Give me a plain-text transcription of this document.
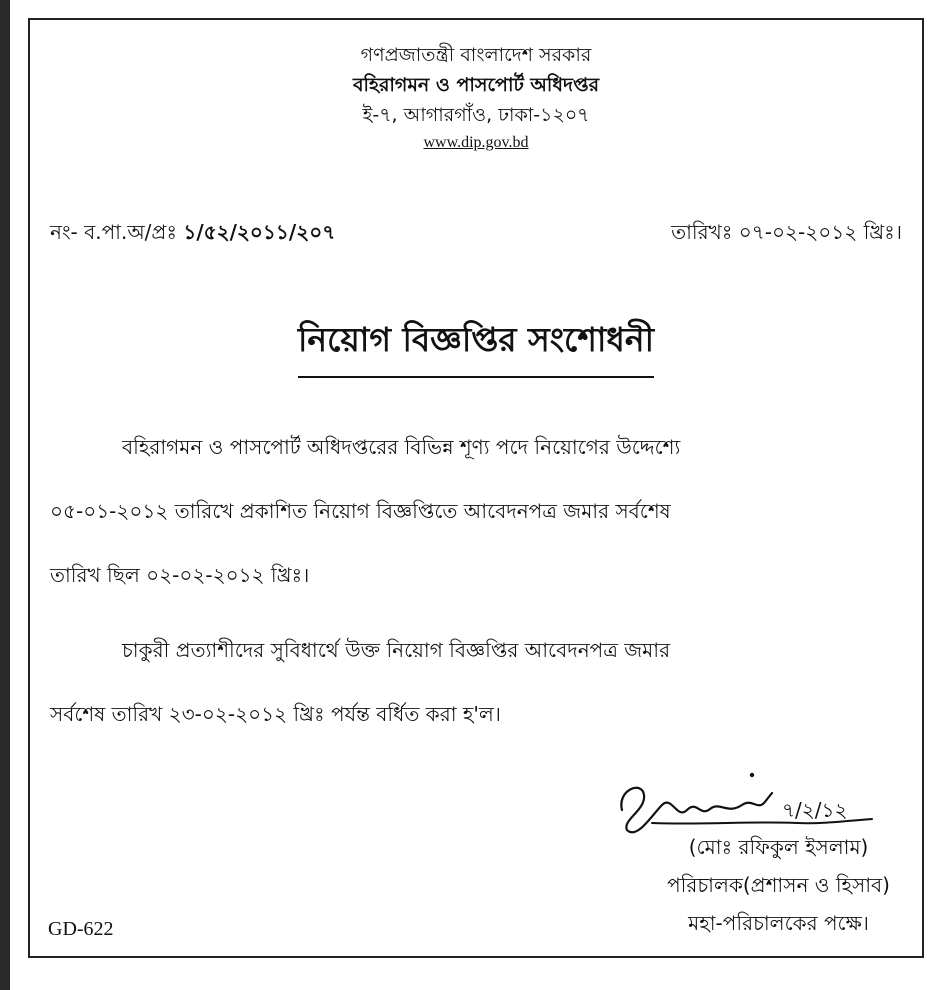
গণপ্রজাতন্ত্রী বাংলাদেশ সরকার
বহিরাগমন ও পাসপোর্ট অধিদপ্তর
ই-৭, আগারগাঁও, ঢাকা-১২০৭
www.dip.gov.bd
নং- ব.পা.অ/প্রঃ ১/৫২/২০১১/২০৭	তারিখঃ ০৭-০২-২০১২ খ্রিঃ।
নিয়োগ বিজ্ঞপ্তির সংশোধনী
বহিরাগমন ও পাসপোর্ট অধিদপ্তরের বিভিন্ন শূণ্য পদে নিয়োগের উদ্দেশ্যে
০৫-০১-২০১২ তারিখে প্রকাশিত নিয়োগ বিজ্ঞপ্তিতে আবেদনপত্র জমার সর্বশেষ
তারিখ ছিল ০২-০২-২০১২ খ্রিঃ।
চাকুরী প্রত্যাশীদের সুবিধার্থে উক্ত নিয়োগ বিজ্ঞপ্তির আবেদনপত্র জমার
সর্বশেষ তারিখ ২৩-০২-২০১২ খ্রিঃ পর্যন্ত বর্ধিত করা হ'ল।
৭/২/১২
(মোঃ রফিকুল ইসলাম)
পরিচালক(প্রশাসন ও হিসাব)
মহা-পরিচালকের পক্ষে।
GD-622
